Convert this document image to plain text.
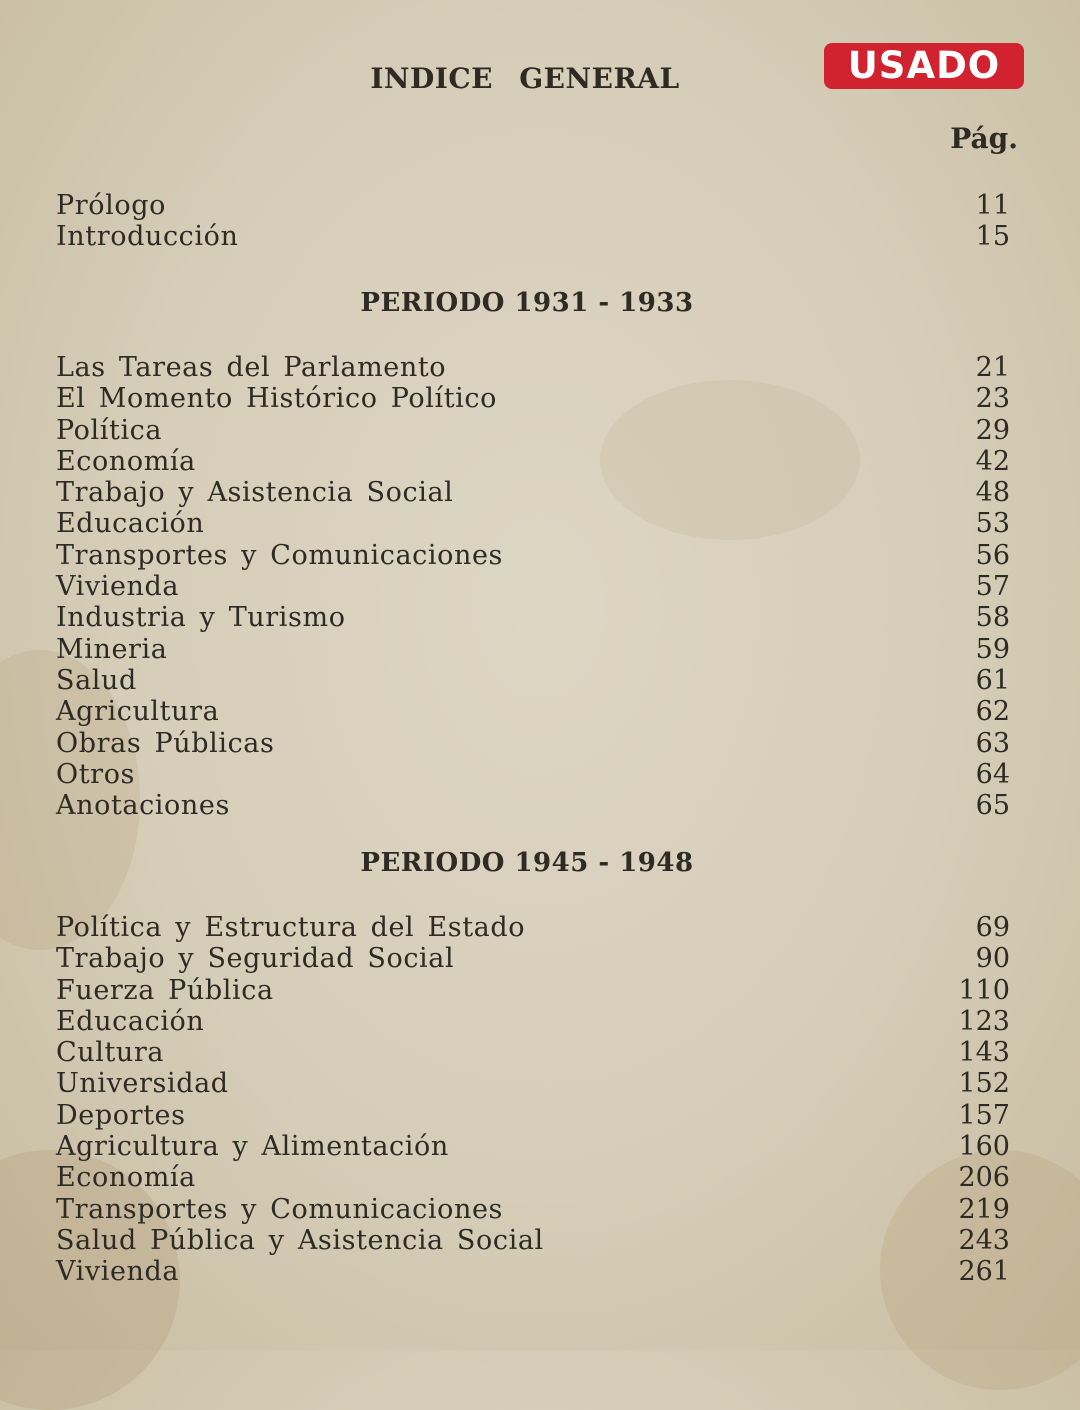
USADO
INDICE GENERAL
Pág.
Prólogo	11
Introducción	15
PERIODO 1931 - 1933
Las Tareas del Parlamento	21
El Momento Histórico Político	23
Política	29
Economía	42
Trabajo y Asistencia Social	48
Educación	53
Transportes y Comunicaciones	56
Vivienda	57
Industria y Turismo	58
Mineria	59
Salud	61
Agricultura	62
Obras Públicas	63
Otros	64
Anotaciones	65
PERIODO 1945 - 1948
Política y Estructura del Estado	69
Trabajo y Seguridad Social	90
Fuerza Pública	110
Educación	123
Cultura	143
Universidad	152
Deportes	157
Agricultura y Alimentación	160
Economía	206
Transportes y Comunicaciones	219
Salud Pública y Asistencia Social	243
Vivienda	261
